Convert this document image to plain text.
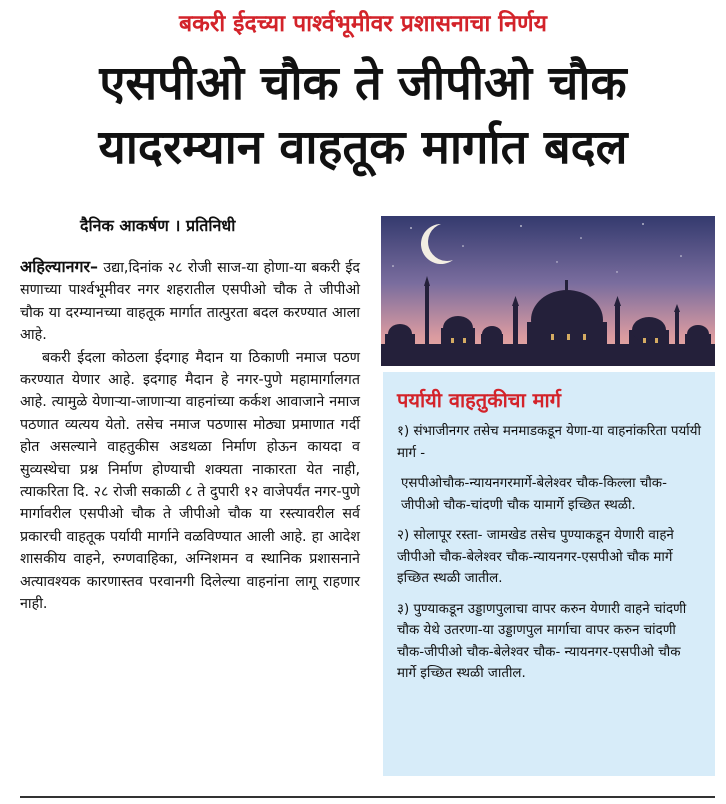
बकरी ईदच्या पार्श्वभूमीवर प्रशासनाचा निर्णय
एसपीओ चौक ते जीपीओ चौक
यादरम्यान वाहतूक मार्गात बदल
दैनिक आकर्षण । प्रतिनिधी

अहिल्यानगर– उद्या,दिनांक २८ रोजी साज-या होणा-या बकरी ईद सणाच्या पार्श्वभूमीवर नगर शहरातील एसपीओ चौक ते जीपीओ चौक या दरम्यानच्या वाहतूक मार्गात तात्पुरता बदल करण्यात आला आहे.

बकरी ईदला कोठला ईदगाह मैदान या ठिकाणी नमाज पठण करण्यात येणार आहे. इदगाह मैदान हे नगर-पुणे महामार्गालगत आहे. त्यामुळे येणाऱ्या-जाणाऱ्या वाहनांच्या कर्कश आवाजाने नमाज पठणात व्यत्यय येतो. तसेच नमाज पठणास मोठ्या प्रमाणात गर्दी होत असल्याने वाहतुकीस अडथळा निर्माण होऊन कायदा व सुव्यस्थेचा प्रश्न निर्माण होण्याची शक्यता नाकारता येत नाही, त्याकरिता दि. २८ रोजी सकाळी ८ ते दुपारी १२ वाजेपर्यंत नगर-पुणे मार्गावरील एसपीओ चौक ते जीपीओ चौक या रस्त्यावरील सर्व प्रकारची वाहतूक पर्यायी मार्गाने वळविण्यात आली आहे. हा आदेश शासकीय वाहने, रुग्णवाहिका, अग्निशमन व स्थानिक प्रशासनाने अत्यावश्यक कारणास्तव परवानगी दिलेल्या वाहनांना लागू राहणार नाही.

पर्यायी वाहतुकीचा मार्ग

१) संभाजीनगर तसेच मनमाडकडून येणा-या वाहनांकरिता पर्यायी मार्ग -

एसपीओचौक-न्यायनगरमार्गे-बेलेश्वर चौक-किल्ला चौक-जीपीओ चौक-चांदणी चौक यामार्गे इच्छित स्थळी.

२) सोलापूर रस्ता- जामखेड तसेच पुण्याकडून येणारी वाहने जीपीओ चौक-बेलेश्वर चौक-न्यायनगर-एसपीओ चौक मार्गे इच्छित स्थळी जातील.

३) पुण्याकडून उड्डाणपुलाचा वापर करुन येणारी वाहने चांदणी चौक येथे उतरणा-या उड्डाणपुल मार्गाचा वापर करुन चांदणी चौक-जीपीओ चौक-बेलेश्वर चौक- न्यायनगर-एसपीओ चौक मार्गे इच्छित स्थळी जातील.
